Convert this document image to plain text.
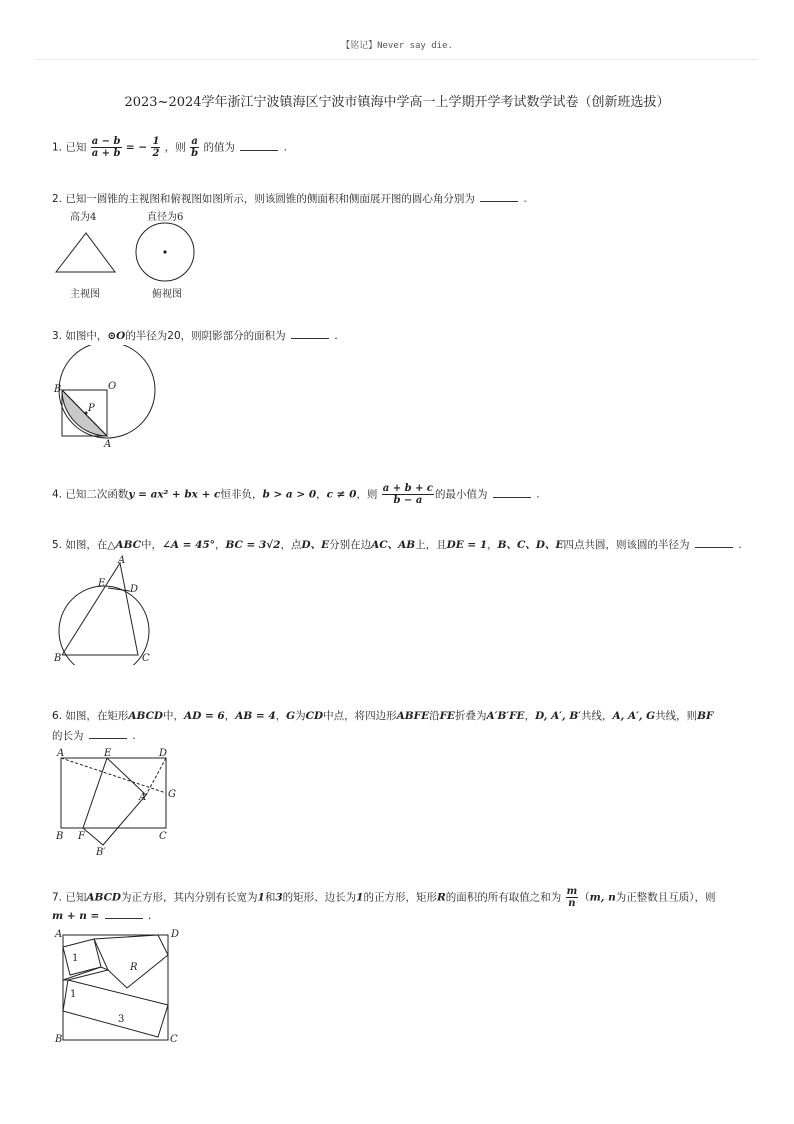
【铭记】Never say die.
2023~2024学年浙江宁波镇海区宁波市镇海中学高一上学期开学考试数学试卷（创新班选拔）
1. 已知 $\frac{a - b}{a + b}$ = − $\frac{1}{2}$ ，则 $\frac{a}{b}$ 的值为	.
2. 已知一圆锥的主视图和俯视图如图所示，则该圆锥的侧面积和侧面展开图的圆心角分别为	.
高为4	直径为6
主视图	俯视图
3. 如图中，⊙O的半径为20，则阴影部分的面积为	.
B	O
P
A
4. 已知二次函数y = ax² + bx + c恒非负，b > a > 0，c ≠ 0，则 $\frac{a + b + c}{b - a}$ 的最小值为	.
5. 如图，在△ABC中，∠A = 45°，BC = 3√2，点D、E分别在边AC、AB上，且DE = 1，B、C、D、E四点共圆，则该圆的半径为	.
A
E
D
B	C
6. 如图，在矩形ABCD中，AD = 6，AB = 4，G为CD中点，将四边形ABFE沿FE折叠为A′B′FE，D, A′, B′共线，A, A′, G共线，则BF
的长为	.
A	E	D
A′ G
B F	C
B′
7. 已知ABCD为正方形，其内分别有长宽为1和3的矩形、边长为1的正方形，矩形R的面积的所有取值之和为 $\frac{m}{n} (m$, n为正整数且互质），则
m + n =	.
A	D
1
R
1
3
B	C
